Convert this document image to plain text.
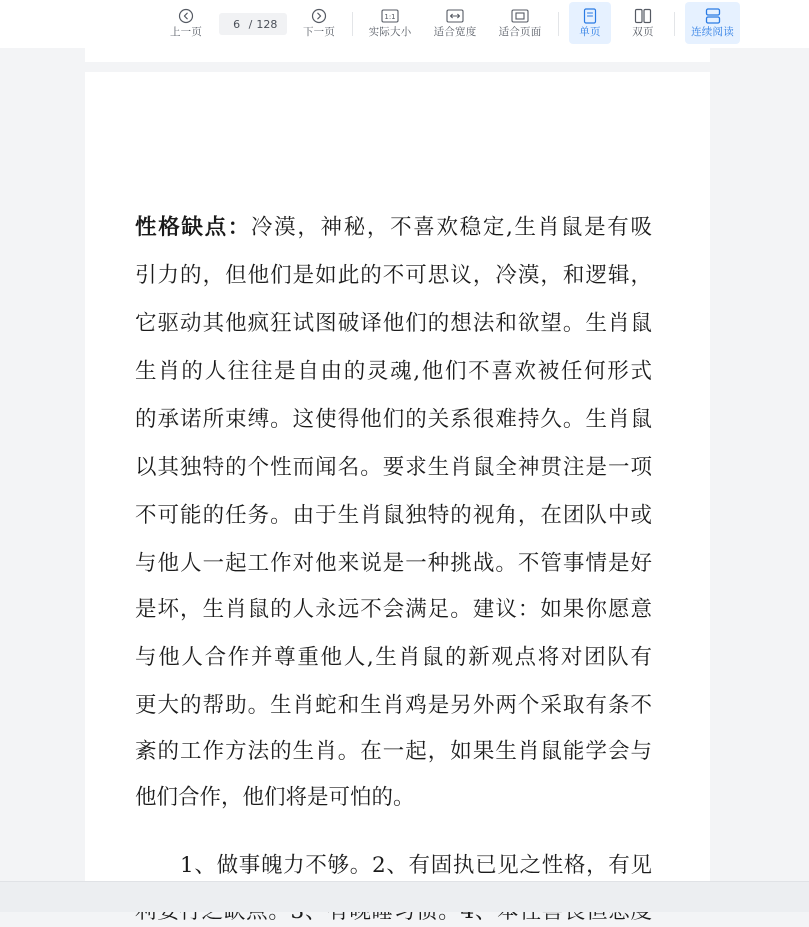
上一页
6 / 128
下一页
1:1
实际大小 适合宽度 适合页面	单页	双页	连续阅读
性格缺点：冷漠，神秘，不喜欢稳定,生肖鼠是有吸
引力的，但他们是如此的不可思议，冷漠，和逻辑，
它驱动其他疯狂试图破译他们的想法和欲望。生肖鼠
生肖的人往往是自由的灵魂,他们不喜欢被任何形式
的承诺所束缚。这使得他们的关系很难持久。生肖鼠
以其独特的个性而闻名。要求生肖鼠全神贯注是一项
不可能的任务。由于生肖鼠独特的视角，在团队中或
与他人一起工作对他来说是一种挑战。不管事情是好
是坏，生肖鼠的人永远不会满足。建议：如果你愿意
与他人合作并尊重他人,生肖鼠的新观点将对团队有
更大的帮助。生肖蛇和生肖鸡是另外两个采取有条不
紊的工作方法的生肖。在一起，如果生肖鼠能学会与
他们合作，他们将是可怕的。
1、做事魄力不够。2、有固执已见之性格，有见
